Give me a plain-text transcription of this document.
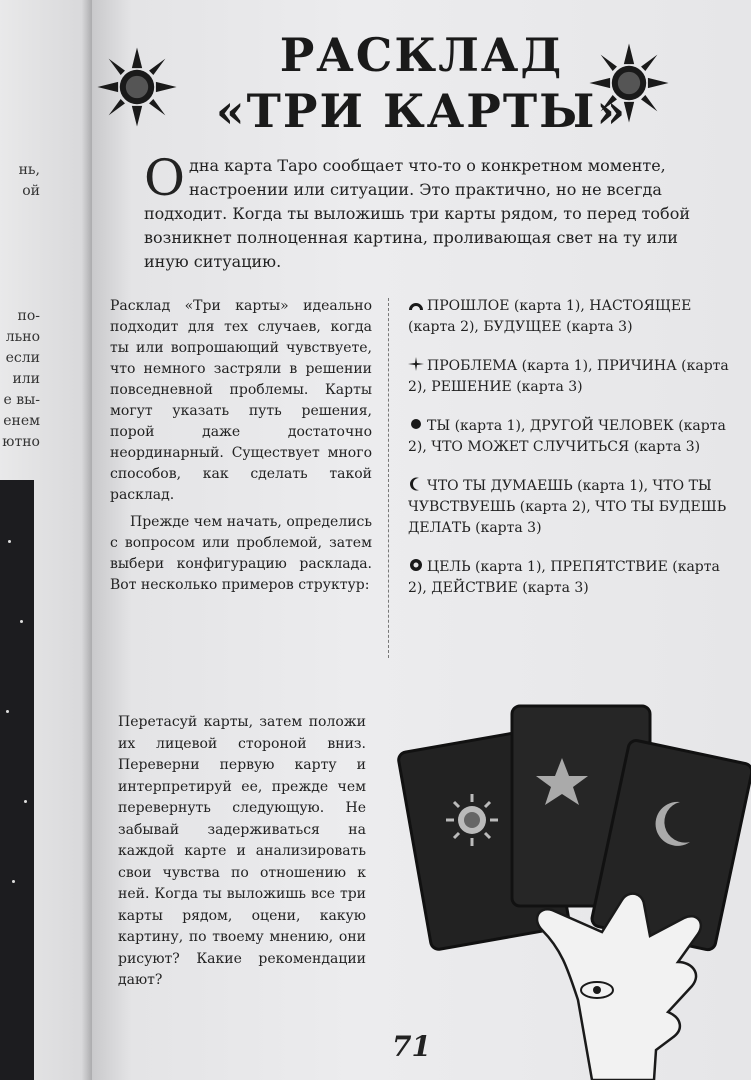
нь,
ой
по-
льно
если
или
е вы-
енем
ютно
РАСКЛАД
«ТРИ КАРТЫ»
Одна карта Таро сообщает что-то о конкретном моменте, настроении или ситуации. Это практично, но не всегда подходит. Когда ты выложишь три карты рядом, то перед тобой возникнет полноценная картина, проливающая свет на ту или иную ситуацию.

Расклад «Три карты» идеально подходит для тех случаев, когда ты или вопрошающий чувствуете, что немного застряли в решении повседневной проблемы. Карты могут указать путь решения, порой даже достаточно неординарный. Существует много способов, как сделать такой расклад.

Прежде чем начать, определись с вопросом или проблемой, затем выбери конфигурацию расклада. Вот несколько примеров структур:

ПРОШЛОЕ (карта 1), НАСТОЯЩЕЕ (карта 2), БУДУЩЕЕ (карта 3)
ПРОБЛЕМА (карта 1), ПРИЧИНА (карта 2), РЕШЕНИЕ (карта 3)
ТЫ (карта 1), ДРУГОЙ ЧЕЛОВЕК (карта 2), ЧТО МОЖЕТ СЛУЧИТЬСЯ (карта 3)
ЧТО ТЫ ДУМАЕШЬ (карта 1), ЧТО ТЫ ЧУВСТВУЕШЬ (карта 2), ЧТО ТЫ БУДЕШЬ ДЕЛАТЬ (карта 3)
ЦЕЛЬ (карта 1), ПРЕПЯТСТВИЕ (карта 2), ДЕЙСТВИЕ (карта 3)
Перетасуй карты, затем положи их лицевой стороной вниз. Переверни первую карту и интерпретируй ее, прежде чем перевернуть следующую. Не забывай задерживаться на каждой карте и анализировать свои чувства по отношению к ней. Когда ты выложишь все три карты рядом, оцени, какую картину, по твоему мнению, они рисуют? Какие рекомендации дают?
71
